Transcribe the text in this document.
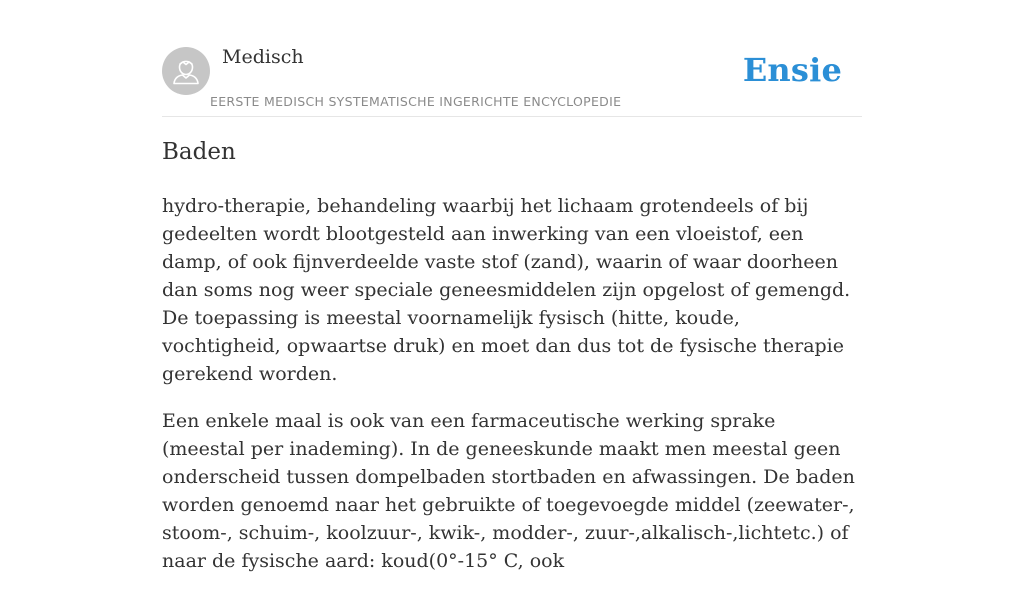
Medisch
EERSTE MEDISCH SYSTEMATISCHE INGERICHTE ENCYCLOPEDIE
Ensie
Baden

hydro-therapie, behandeling waarbij het lichaam grotendeels of bij gedeelten wordt blootgesteld aan inwerking van een vloeistof, een damp, of ook fijnverdeelde vaste stof (zand), waarin of waar doorheen dan soms nog weer speciale geneesmiddelen zijn opgelost of gemengd. De toepassing is meestal voornamelijk fysisch (hitte, koude, vochtigheid, opwaartse druk) en moet dan dus tot de fysische therapie gerekend worden.

Een enkele maal is ook van een farmaceutische werking sprake (meestal per inademing). In de geneeskunde maakt men meestal geen onderscheid tussen dompelbaden stortbaden en afwassingen. De baden worden genoemd naar het gebruikte of toegevoegde middel (zeewater-, stoom-, schuim-, koolzuur-, kwik-, modder-, zuur-,alkalisch-,lichtetc.) of naar de fysische aard: koud(0°-15° C, ook
